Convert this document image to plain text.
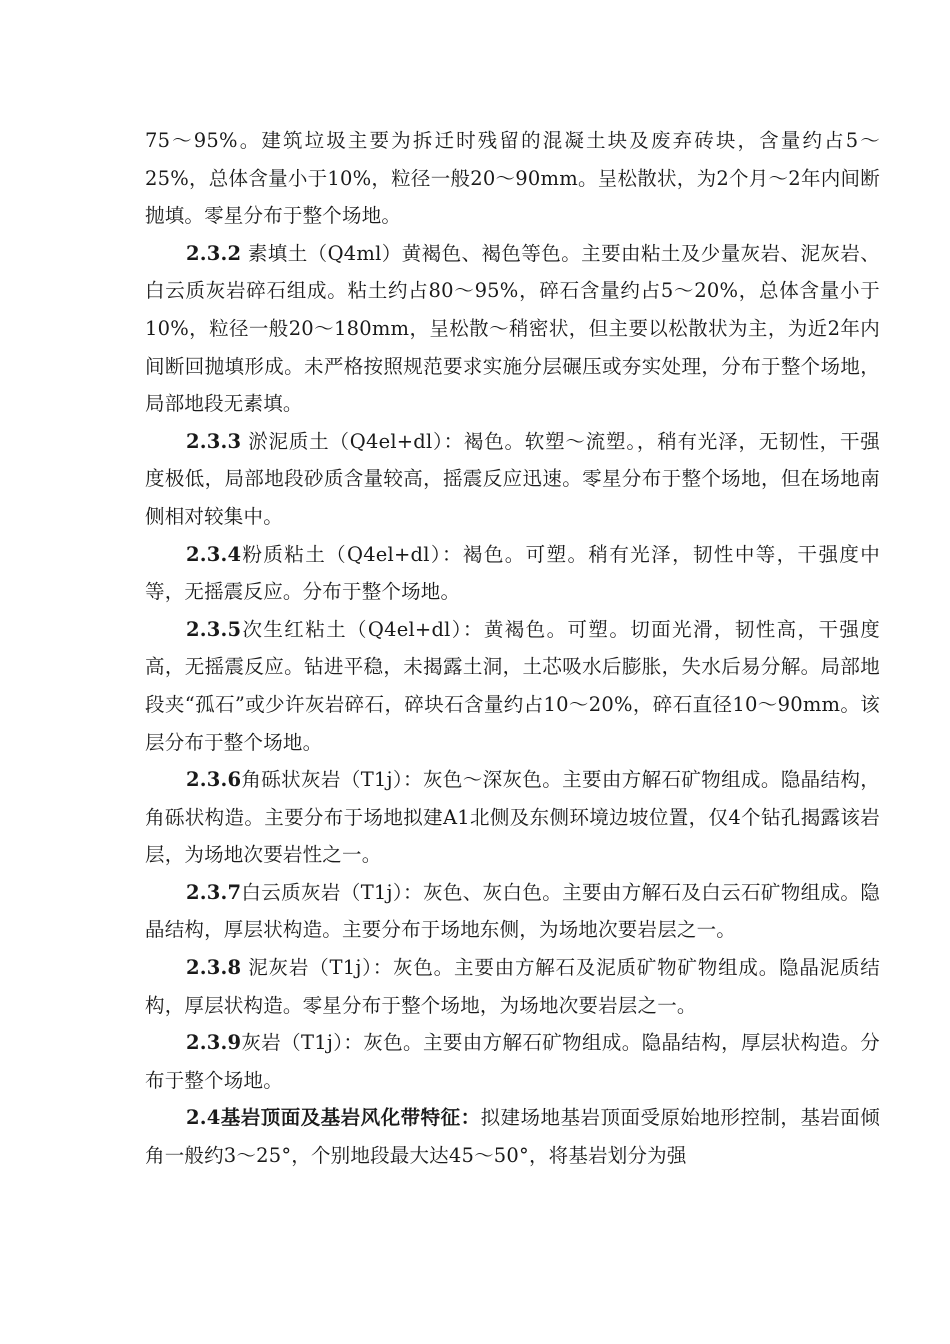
75～95%。建筑垃圾主要为拆迁时残留的混凝土块及废弃砖块，含量约占5～25%，总体含量小于10%，粒径一般20～90mm。呈松散状，为2个月～2年内间断抛填。零星分布于整个场地。

2.3.2 素填土（Q4ml）黄褐色、褐色等色。主要由粘土及少量灰岩、泥灰岩、白云质灰岩碎石组成。粘土约占80～95%，碎石含量约占5～20%，总体含量小于10%，粒径一般20～180mm，呈松散～稍密状，但主要以松散状为主，为近2年内间断回抛填形成。未严格按照规范要求实施分层碾压或夯实处理，分布于整个场地，局部地段无素填。

2.3.3 淤泥质土（Q4el+dl）：褐色。软塑～流塑。，稍有光泽，无韧性，干强度极低，局部地段砂质含量较高，摇震反应迅速。零星分布于整个场地，但在场地南侧相对较集中。

2.3.4粉质粘土（Q4el+dl）：褐色。可塑。稍有光泽，韧性中等，干强度中等，无摇震反应。分布于整个场地。

2.3.5次生红粘土（Q4el+dl）：黄褐色。可塑。切面光滑，韧性高，干强度高，无摇震反应。钻进平稳，未揭露土洞，土芯吸水后膨胀，失水后易分解。局部地段夹“孤石”或少许灰岩碎石，碎块石含量约占10～20%，碎石直径10～90mm。该层分布于整个场地。

2.3.6角砾状灰岩（T1j）：灰色～深灰色。主要由方解石矿物组成。隐晶结构，角砾状构造。主要分布于场地拟建A1北侧及东侧环境边坡位置，仅4个钻孔揭露该岩层，为场地次要岩性之一。

2.3.7白云质灰岩（T1j）：灰色、灰白色。主要由方解石及白云石矿物组成。隐晶结构，厚层状构造。主要分布于场地东侧，为场地次要岩层之一。

2.3.8 泥灰岩（T1j）：灰色。主要由方解石及泥质矿物矿物组成。隐晶泥质结构，厚层状构造。零星分布于整个场地，为场地次要岩层之一。

2.3.9灰岩（T1j）：灰色。主要由方解石矿物组成。隐晶结构，厚层状构造。分布于整个场地。

2.4基岩顶面及基岩风化带特征：拟建场地基岩顶面受原始地形控制，基岩面倾角一般约3～25°，个别地段最大达45～50°，将基岩划分为强
